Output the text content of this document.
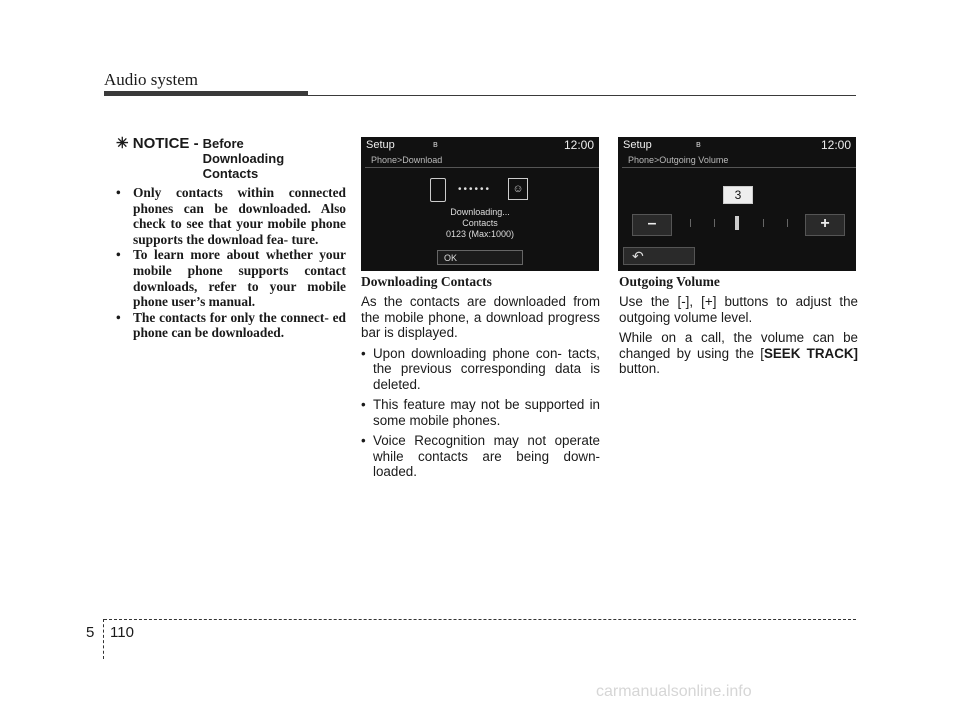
Audio system
✳ NOTICE - Before
Downloading
Contacts
• Only contacts within connected phones can be downloaded. Also check to see that your mobile phone supports the download fea- ture.
• To learn more about whether your mobile phone supports contact downloads, refer to your mobile phone user’s manual.
• The contacts for only the connect- ed phone can be downloaded.
Setup	ʙ	12:00
Phone>Download
••••••	☺
Downloading...
Contacts
0123 (Max:1000)
OK
Setup	ʙ	12:00
Phone>Outgoing Volume
3
–	+
↶
Downloading Contacts

As the contacts are downloaded from the mobile phone, a download progress bar is displayed.

• Upon downloading phone con- tacts, the previous corresponding data is deleted.
• This feature may not be supported in some mobile phones.
• Voice Recognition may not operate while contacts are being down- loaded.
Outgoing Volume

Use the [-], [+] buttons to adjust the outgoing volume level.

While on a call, the volume can be changed by using the [SEEK TRACK] button.

5 110
carmanualsonline.info
